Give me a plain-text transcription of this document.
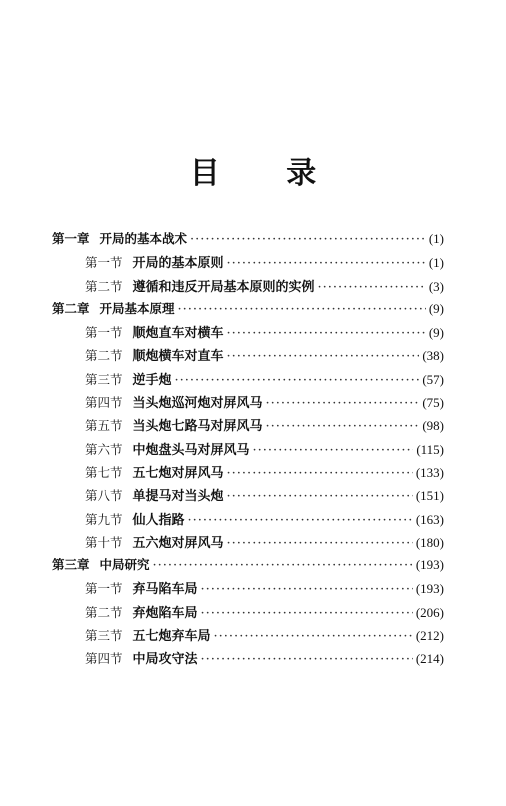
目 录
第一章 开局的基本战术 ·····	(1)
第一节 开局的基本原则 ·····	(1)
第二节 遵循和违反开局基本原则的实例 ·····	(3)
第二章 开局基本原理 ·····	(9)
第一节 顺炮直车对横车 ·····	(9)
第二节 顺炮横车对直车 ·····	(38)
第三节 逆手炮 ·····	(57)
第四节 当头炮巡河炮对屏风马 ·····	(75)
第五节 当头炮七路马对屏风马 ·····	(98)
第六节 中炮盘头马对屏风马 ·····	(115)
第七节 五七炮对屏风马 ·····	(133)
第八节 单提马对当头炮 ·····	(151)
第九节 仙人指路 ·····	(163)
第十节 五六炮对屏风马 ·····	(180)
第三章 中局研究 ·····	(193)
第一节 弃马陷车局 ·····	(193)
第二节 弃炮陷车局 ·····	(206)
第三节 五七炮弃车局 ·····	(212)
第四节 中局攻守法 ·····	(214)
